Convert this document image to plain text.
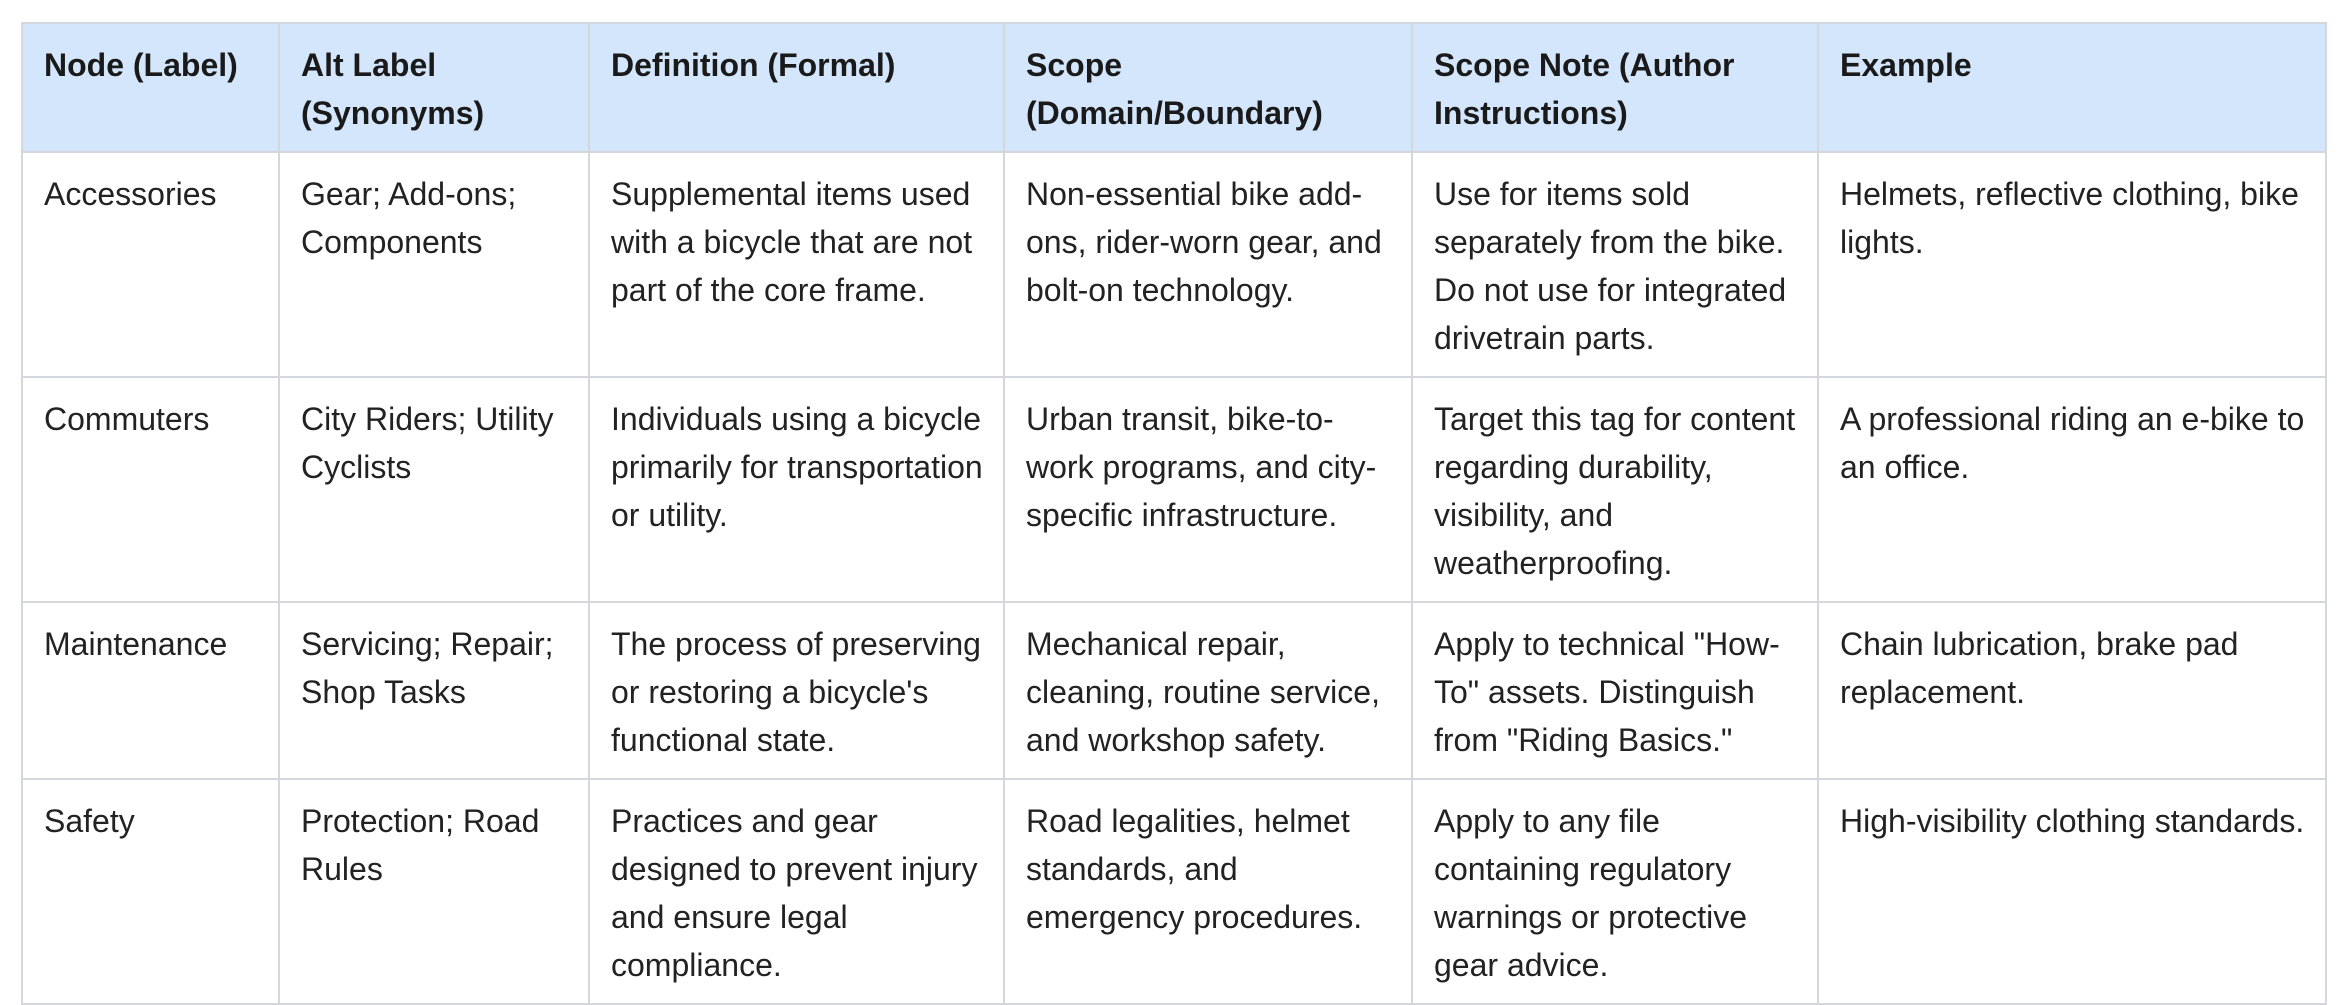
Node (Label)	Alt Label (Synonyms)	Definition (Formal)	Scope (Domain/Boundary)	Scope Note (Author Instructions)	Example
Accessories	Gear; Add-ons; Components	Supplemental items used with a bicycle that are not part of the core frame.	Non-essential bike add-ons, rider-worn gear, and bolt-on technology.	Use for items sold separately from the bike. Do not use for integrated drivetrain parts.	Helmets, reflective clothing, bike lights.
Commuters	City Riders; Utility Cyclists	Individuals using a bicycle primarily for transportation or utility.	Urban transit, bike-to-work programs, and city-specific infrastructure.	Target this tag for content regarding durability, visibility, and weatherproofing.	A professional riding an e-bike to an office.
Maintenance	Servicing; Repair; Shop Tasks	The process of preserving or restoring a bicycle's functional state.	Mechanical repair, cleaning, routine service, and workshop safety.	Apply to technical "How-To" assets. Distinguish from "Riding Basics."	Chain lubrication, brake pad replacement.
Safety	Protection; Road Rules	Practices and gear designed to prevent injury and ensure legal compliance.	Road legalities, helmet standards, and emergency procedures.	Apply to any file containing regulatory warnings or protective gear advice.	High-visibility clothing standards.
